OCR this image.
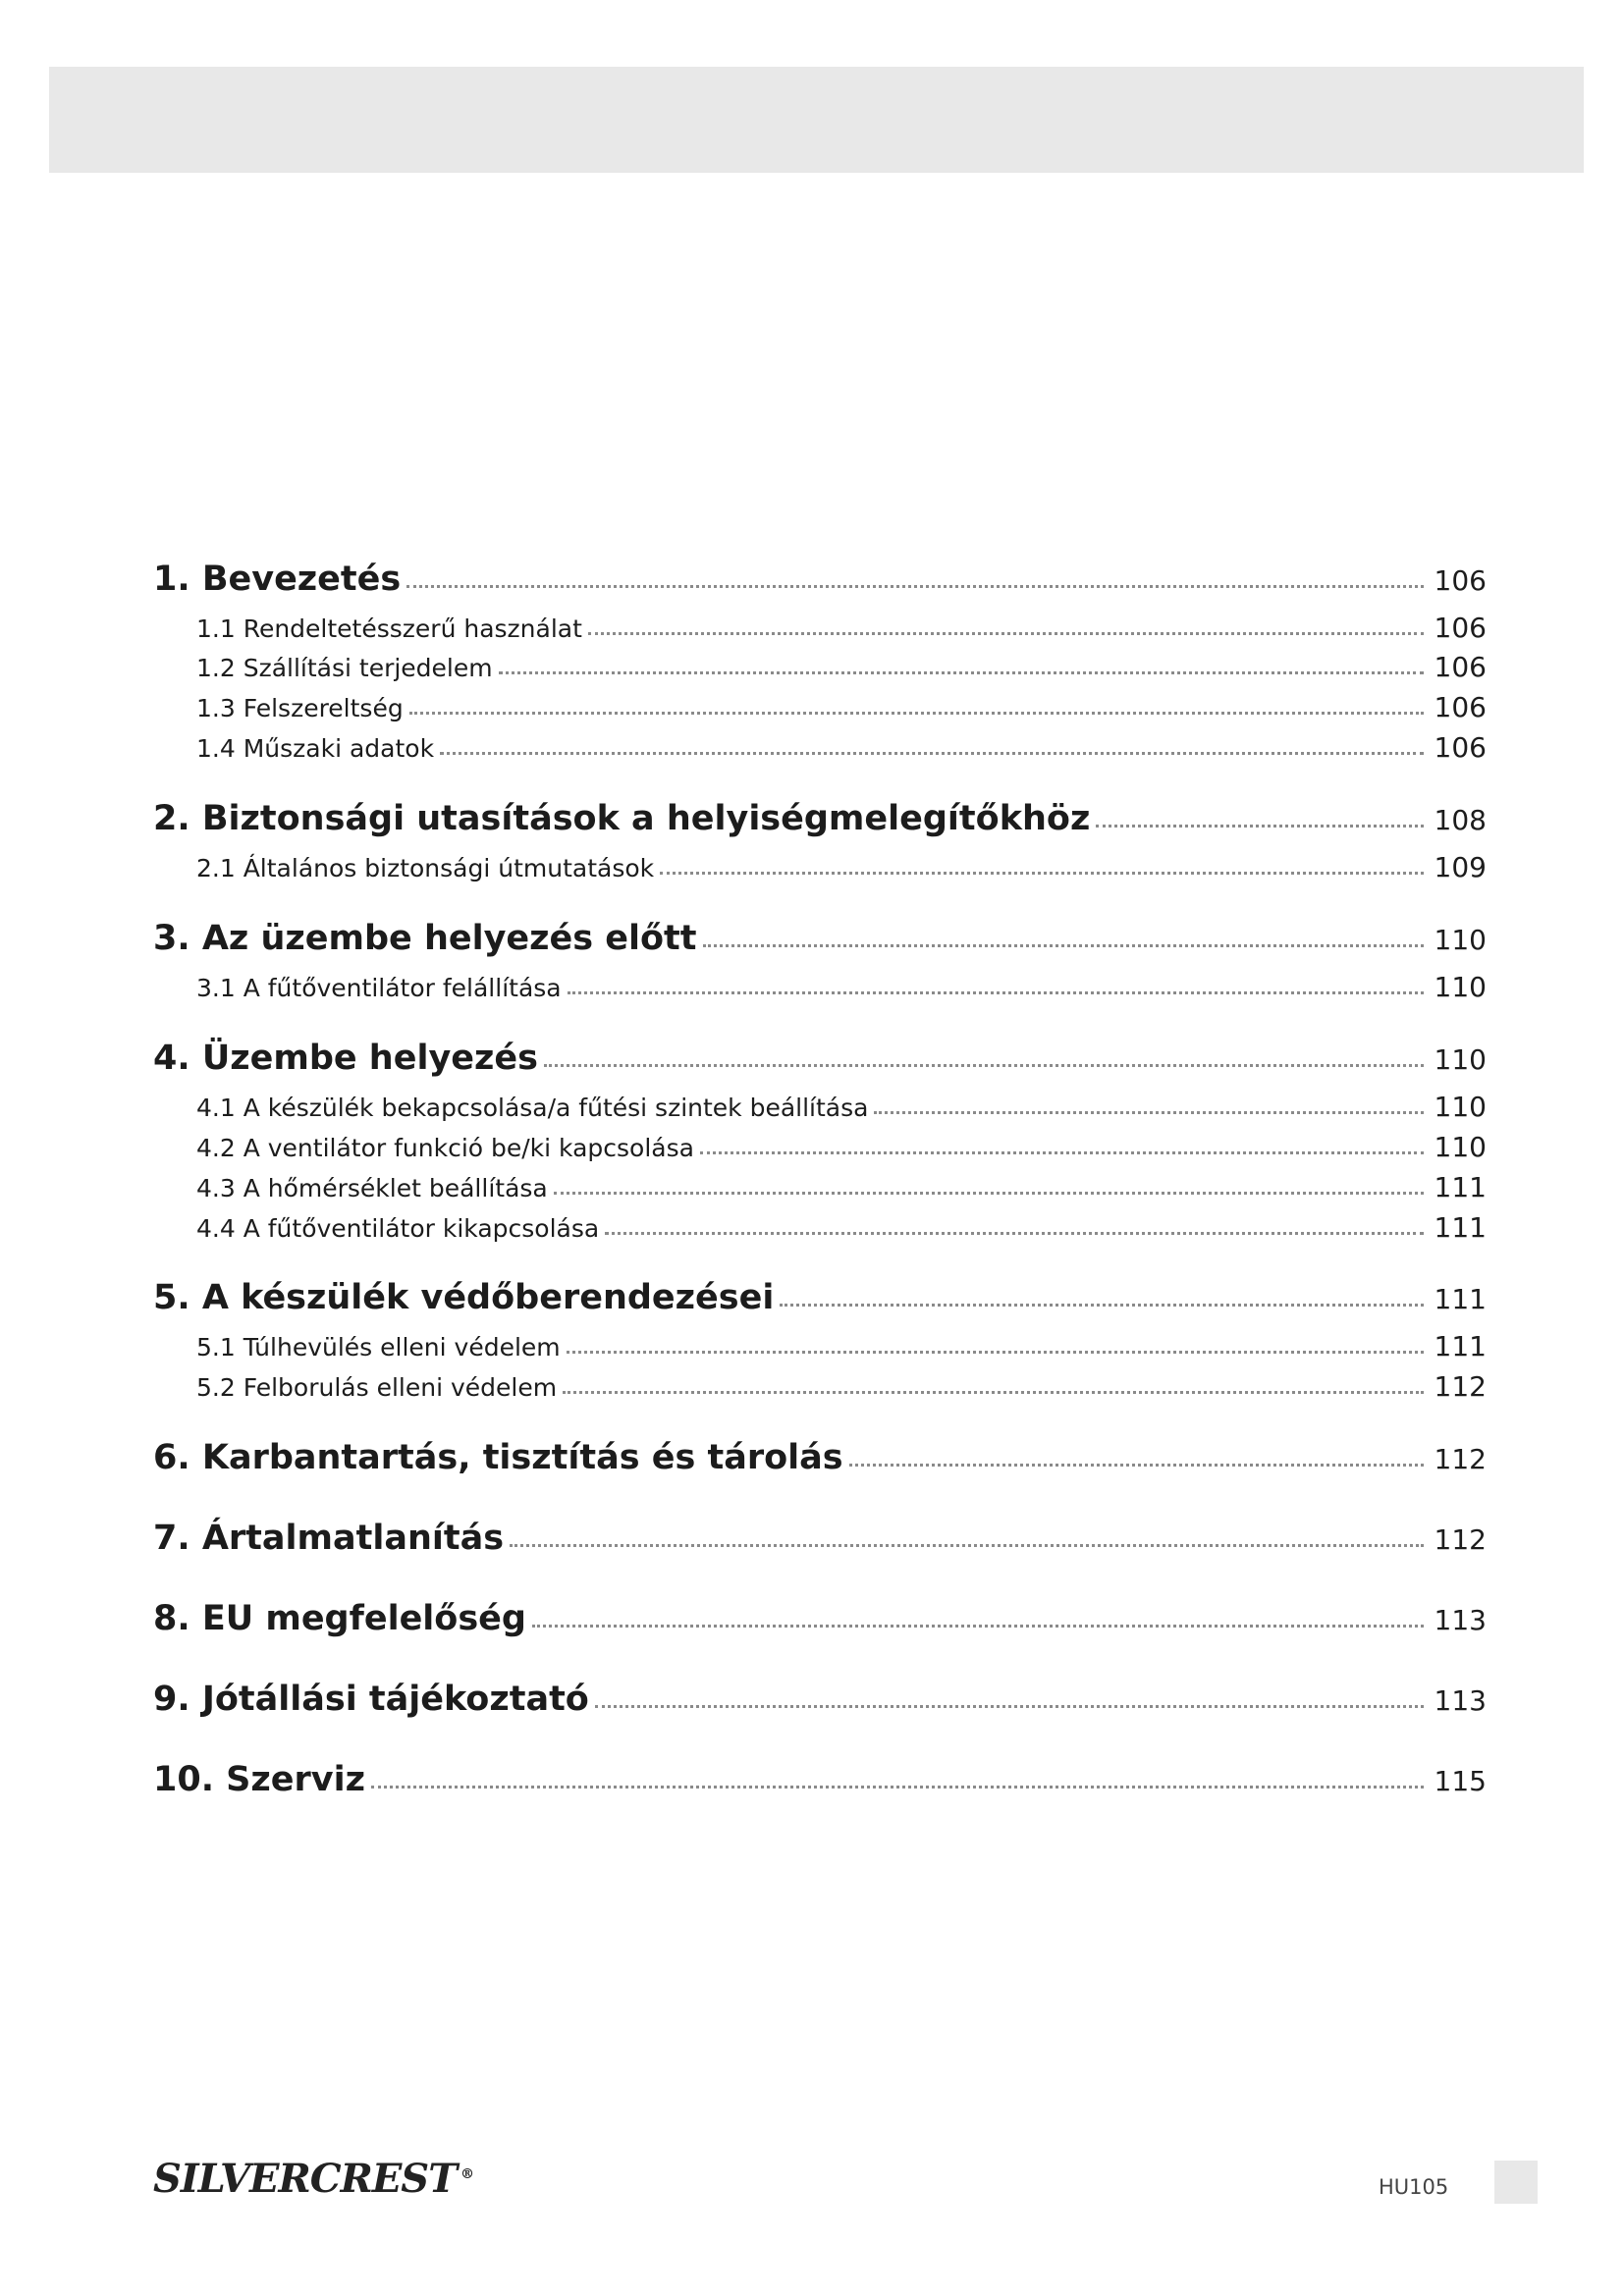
1. Bevezetés	106
1.1 Rendeltetésszerű használat	106
1.2 Szállítási terjedelem	106
1.3 Felszereltség	106
1.4 Műszaki adatok	106
2. Biztonsági utasítások a helyiségmelegítőkhöz	108
2.1 Általános biztonsági útmutatások	109
3. Az üzembe helyezés előtt	110
3.1 A fűtőventilátor felállítása	110
4. Üzembe helyezés	110
4.1 A készülék bekapcsolása/a fűtési szintek beállítása	110
4.2 A ventilátor funkció be/ki kapcsolása	110
4.3 A hőmérséklet beállítása	111
4.4 A fűtőventilátor kikapcsolása	111
5. A készülék védőberendezései	111
5.1 Túlhevülés elleni védelem	111
5.2 Felborulás elleni védelem	112
6. Karbantartás, tisztítás és tárolás	112
7. Ártalmatlanítás	112
8. EU megfelelőség	113
9. Jótállási tájékoztató	113
10. Szerviz	115
SILVERCREST ®
HU105
